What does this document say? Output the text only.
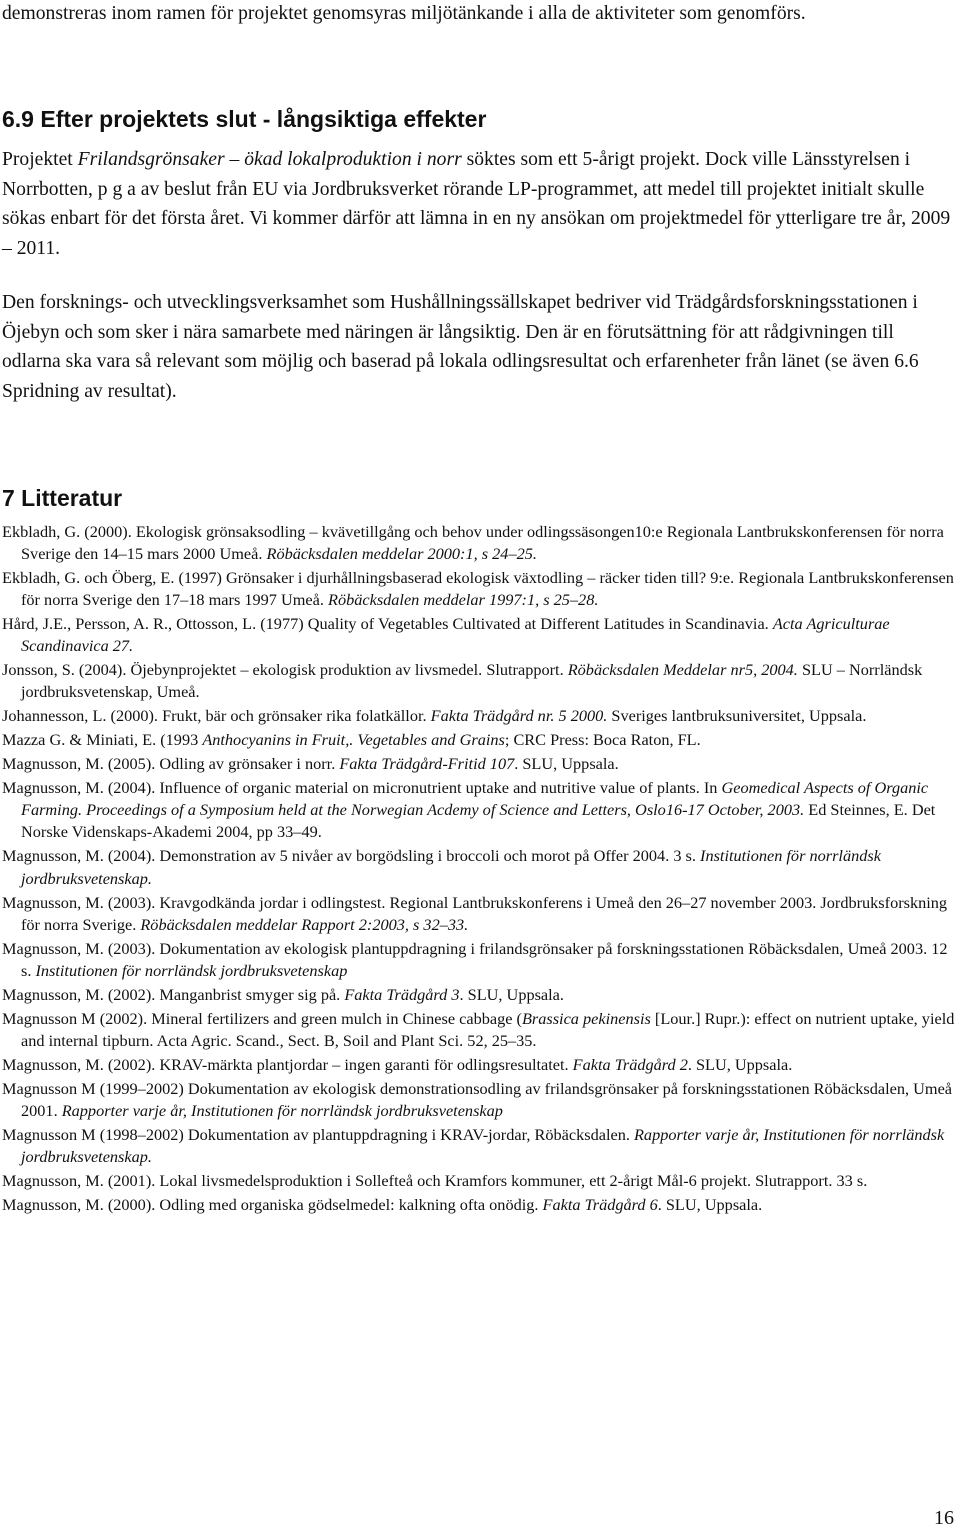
demonstreras inom ramen för projektet genomsyras miljötänkande i alla de aktiviteter som genomförs.

6.9 Efter projektets slut - långsiktiga effekter

Projektet Frilandsgrönsaker – ökad lokalproduktion i norr söktes som ett 5-årigt projekt. Dock ville Länsstyrelsen i Norrbotten, p g a av beslut från EU via Jordbruksverket rörande LP-programmet, att medel till projektet initialt skulle sökas enbart för det första året. Vi kommer därför att lämna in en ny ansökan om projektmedel för ytterligare tre år, 2009 – 2011.

Den forsknings- och utvecklingsverksamhet som Hushållningssällskapet bedriver vid Trädgårdsforskningsstationen i Öjebyn och som sker i nära samarbete med näringen är långsiktig. Den är en förutsättning för att rådgivningen till odlarna ska vara så relevant som möjlig och baserad på lokala odlingsresultat och erfarenheter från länet (se även 6.6 Spridning av resultat).

7 Litteratur

Ekbladh, G. (2000). Ekologisk grönsaksodling – kvävetillgång och behov under odlingssäsongen10:e Regionala Lantbrukskonferensen för norra Sverige den 14–15 mars 2000 Umeå. Röbäcksdalen meddelar 2000:1, s 24–25.

Ekbladh, G. och Öberg, E. (1997) Grönsaker i djurhållningsbaserad ekologisk växtodling – räcker tiden till? 9:e. Regionala Lantbrukskonferensen för norra Sverige den 17–18 mars 1997 Umeå. Röbäcksdalen meddelar 1997:1, s 25–28.

Hård, J.E., Persson, A. R., Ottosson, L. (1977) Quality of Vegetables Cultivated at Different Latitudes in Scandinavia. Acta Agriculturae Scandinavica 27.

Jonsson, S. (2004). Öjebynprojektet – ekologisk produktion av livsmedel. Slutrapport. Röbäcksdalen Meddelar nr5, 2004. SLU – Norrländsk jordbruksvetenskap, Umeå.

Johannesson, L. (2000). Frukt, bär och grönsaker rika folatkällor. Fakta Trädgård nr. 5 2000. Sveriges lantbruksuniversitet, Uppsala.

Mazza G. & Miniati, E. (1993 Anthocyanins in Fruit,. Vegetables and Grains; CRC Press: Boca Raton, FL.

Magnusson, M. (2005). Odling av grönsaker i norr. Fakta Trädgård-Fritid 107. SLU, Uppsala.

Magnusson, M. (2004). Influence of organic material on micronutrient uptake and nutritive value of plants. In Geomedical Aspects of Organic Farming. Proceedings of a Symposium held at the Norwegian Acdemy of Science and Letters, Oslo16-17 October, 2003. Ed Steinnes, E. Det Norske Videnskaps-Akademi 2004, pp 33–49.

Magnusson, M. (2004). Demonstration av 5 nivåer av borgödsling i broccoli och morot på Offer 2004. 3 s. Institutionen för norrländsk jordbruksvetenskap.

Magnusson, M. (2003). Kravgodkända jordar i odlingstest. Regional Lantbrukskonferens i Umeå den 26–27 november 2003. Jordbruksforskning för norra Sverige. Röbäcksdalen meddelar Rapport 2:2003, s 32–33.

Magnusson, M. (2003). Dokumentation av ekologisk plantuppdragning i frilandsgrönsaker på forskningsstationen Röbäcksdalen, Umeå 2003. 12 s. Institutionen för norrländsk jordbruksvetenskap

Magnusson, M. (2002). Manganbrist smyger sig på. Fakta Trädgård 3. SLU, Uppsala.

Magnusson M (2002). Mineral fertilizers and green mulch in Chinese cabbage (Brassica pekinensis [Lour.] Rupr.): effect on nutrient uptake, yield and internal tipburn. Acta Agric. Scand., Sect. B, Soil and Plant Sci. 52, 25–35.

Magnusson, M. (2002). KRAV-märkta plantjordar – ingen garanti för odlingsresultatet. Fakta Trädgård 2. SLU, Uppsala.

Magnusson M (1999–2002) Dokumentation av ekologisk demonstrationsodling av frilandsgrönsaker på forskningsstationen Röbäcksdalen, Umeå 2001. Rapporter varje år, Institutionen för norrländsk jordbruksvetenskap

Magnusson M (1998–2002) Dokumentation av plantuppdragning i KRAV-jordar, Röbäcksdalen. Rapporter varje år, Institutionen för norrländsk jordbruksvetenskap.

Magnusson, M. (2001). Lokal livsmedelsproduktion i Sollefteå och Kramfors kommuner, ett 2-årigt Mål-6 projekt. Slutrapport. 33 s.

Magnusson, M. (2000). Odling med organiska gödselmedel: kalkning ofta onödig. Fakta Trädgård 6. SLU, Uppsala.

16
